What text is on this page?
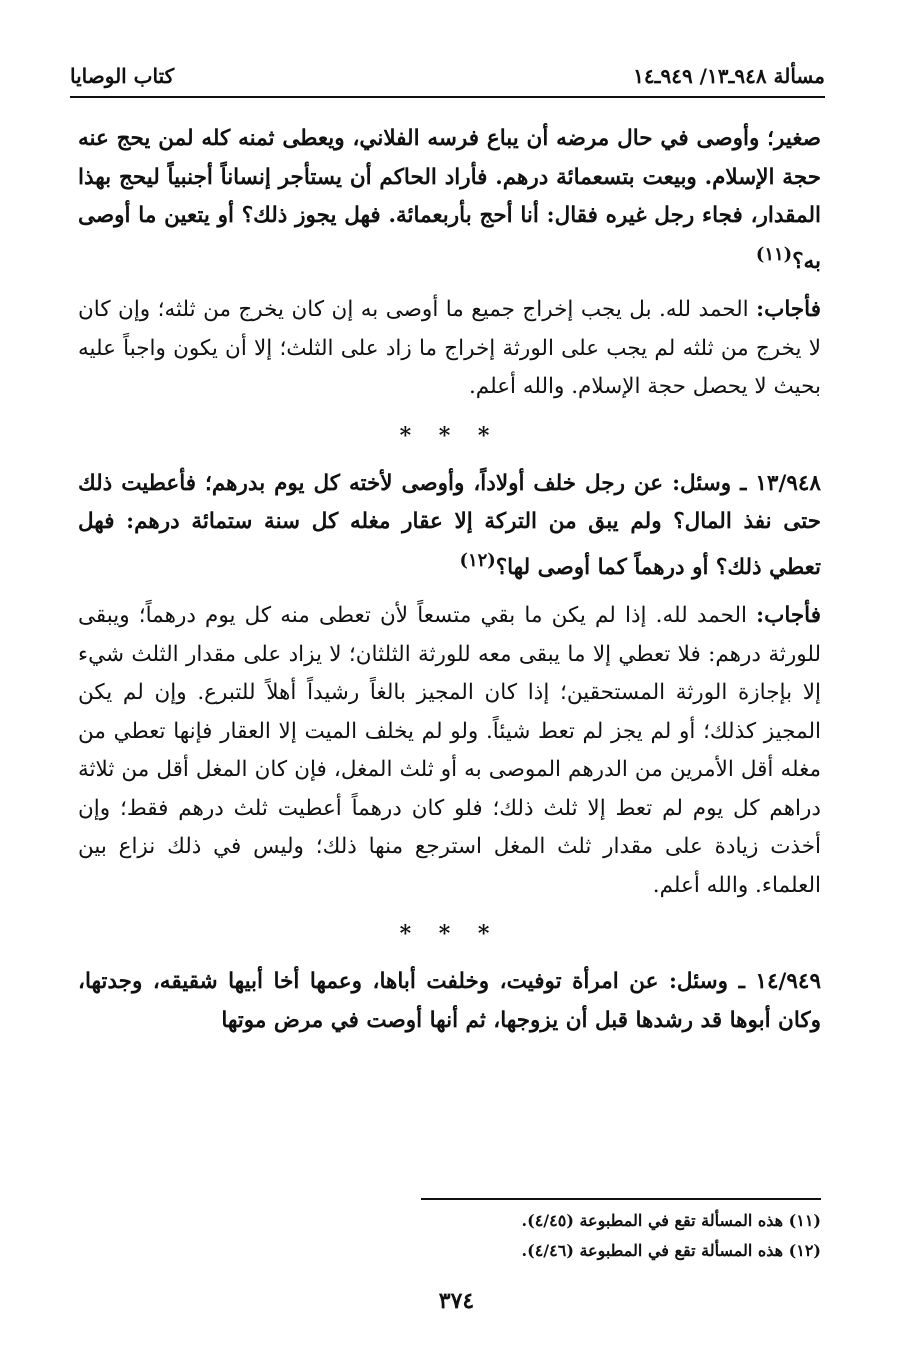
مسألة ٩٤٨ـ١٣/ ٩٤٩ـ١٤
كتاب الوصايا

صغير؛ وأوصى في حال مرضه أن يباع فرسه الفلاني، ويعطى ثمنه كله لمن يحج عنه حجة الإسلام. وبيعت بتسعمائة درهم. فأراد الحاكم أن يستأجر إنساناً أجنبياً ليحج بهذا المقدار، فجاء رجل غيره فقال: أنا أحج بأربعمائة. فهل يجوز ذلك؟ أو يتعين ما أوصى به؟$^{(١١)}$

فأجاب: الحمد لله. بل يجب إخراج جميع ما أوصى به إن كان يخرج من ثلثه؛ وإن كان لا يخرج من ثلثه لم يجب على الورثة إخراج ما زاد على الثلث؛ إلا أن يكون واجباً عليه بحيث لا يحصل حجة الإسلام. والله أعلم.

* * *

١٣/٩٤٨ ـ وسئل: عن رجل خلف أولاداً، وأوصى لأخته كل يوم بدرهم؛ فأعطيت ذلك حتى نفذ المال؟ ولم يبق من التركة إلا عقار مغله كل سنة ستمائة درهم: فهل تعطي ذلك؟ أو درهماً كما أوصى لها؟$^{(١٢)}$

فأجاب: الحمد لله. إذا لم يكن ما بقي متسعاً لأن تعطى منه كل يوم درهماً؛ ويبقى للورثة درهم: فلا تعطي إلا ما يبقى معه للورثة الثلثان؛ لا يزاد على مقدار الثلث شيء إلا بإجازة الورثة المستحقين؛ إذا كان المجيز بالغاً رشيداً أهلاً للتبرع. وإن لم يكن المجيز كذلك؛ أو لم يجز لم تعط شيئاً. ولو لم يخلف الميت إلا العقار فإنها تعطي من مغله أقل الأمرين من الدرهم الموصى به أو ثلث المغل، فإن كان المغل أقل من ثلاثة دراهم كل يوم لم تعط إلا ثلث ذلك؛ فلو كان درهماً أعطيت ثلث درهم فقط؛ وإن أخذت زيادة على مقدار ثلث المغل استرجع منها ذلك؛ وليس في ذلك نزاع بين العلماء. والله أعلم.

* * *

١٤/٩٤٩ ـ وسئل: عن امرأة توفيت، وخلفت أباها، وعمها أخا أبيها شقيقه، وجدتها، وكان أبوها قد رشدها قبل أن يزوجها، ثم أنها أوصت في مرض موتها

(١١) هذه المسألة تقع في المطبوعة (٤/٤٥).
(١٢) هذه المسألة تقع في المطبوعة (٤/٤٦).
٣٧٤
